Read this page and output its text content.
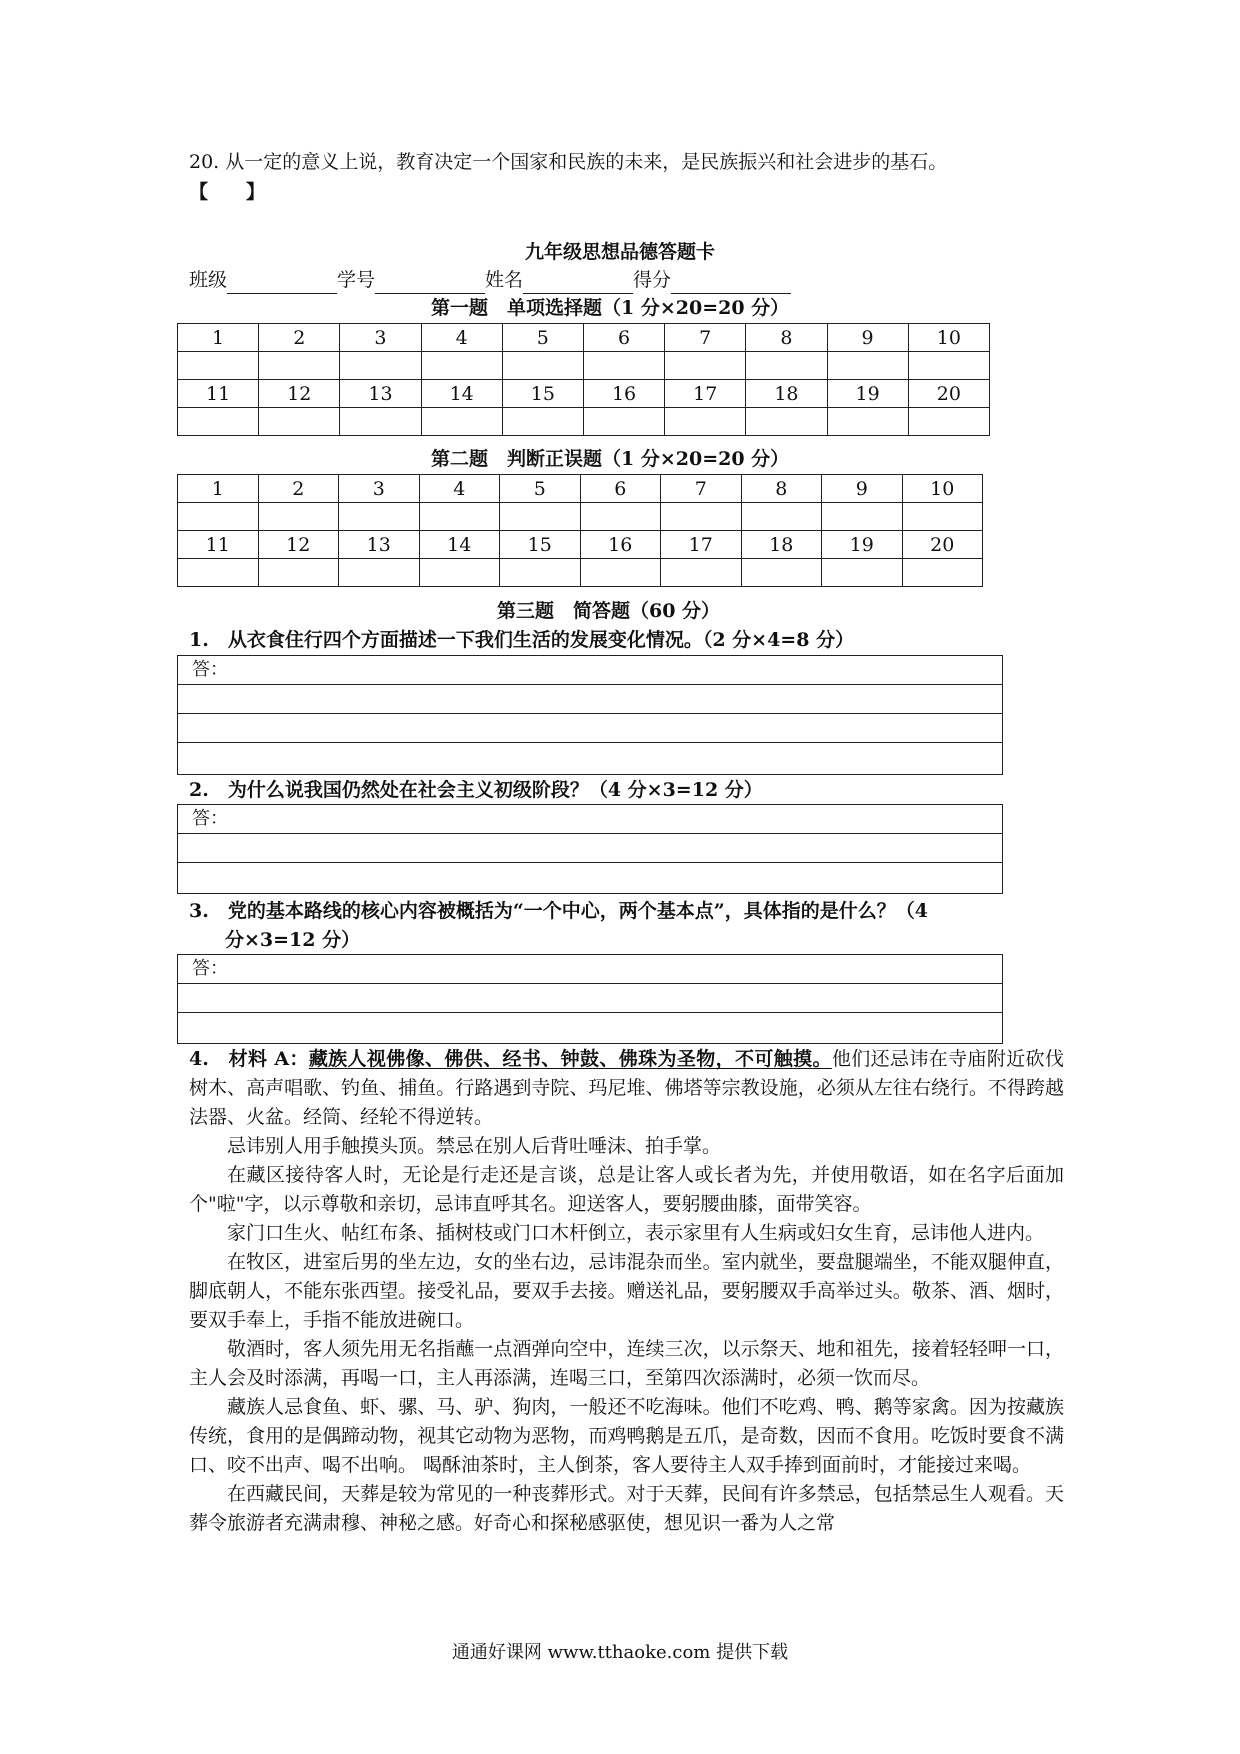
20. 从一定的意义上说，教育决定一个国家和民族的未来，是民族振兴和社会进步的基石。
【　　】
九年级思想品德答题卡
班级	学号	姓名	得分
第一题　单项选择题（1 分×20=20 分）
1	2	3	4	5	6	7	8	9	10

11	12	13	14	15	16	17	18	19	20

第二题　判断正误题（1 分×20=20 分）
1	2	3	4	5	6	7	8	9	10

11	12	13	14	15	16	17	18	19	20

第三题　简答题（60 分）
1.　从衣食住行四个方面描述一下我们生活的发展变化情况。（2 分×4=8 分）
答：
2.　为什么说我国仍然处在社会主义初级阶段？（4 分×3=12 分）
答：
3.　党的基本路线的核心内容被概括为“一个中心，两个基本点”，具体指的是什么？（4
分×3=12 分）
答：

4.　材料 A：藏族人视佛像、佛供、经书、钟鼓、佛珠为圣物，不可触摸。他们还忌讳在寺庙附近砍伐树木、高声唱歌、钓鱼、捕鱼。行路遇到寺院、玛尼堆、佛塔等宗教设施，必须从左往右绕行。不得跨越法器、火盆。经筒、经轮不得逆转。

忌讳别人用手触摸头顶。禁忌在别人后背吐唾沫、拍手掌。

在藏区接待客人时，无论是行走还是言谈，总是让客人或长者为先，并使用敬语，如在名字后面加个"啦"字，以示尊敬和亲切，忌讳直呼其名。迎送客人，要躬腰曲膝，面带笑容。

家门口生火、帖红布条、插树枝或门口木杆倒立，表示家里有人生病或妇女生育，忌讳他人进内。

在牧区，进室后男的坐左边，女的坐右边，忌讳混杂而坐。室内就坐，要盘腿端坐，不能双腿伸直，脚底朝人，不能东张西望。接受礼品，要双手去接。赠送礼品，要躬腰双手高举过头。敬茶、酒、烟时，要双手奉上，手指不能放进碗口。

敬酒时，客人须先用无名指蘸一点酒弹向空中，连续三次，以示祭天、地和祖先，接着轻轻呷一口，主人会及时添满，再喝一口，主人再添满，连喝三口，至第四次添满时，必须一饮而尽。

藏族人忌食鱼、虾、骡、马、驴、狗肉，一般还不吃海味。他们不吃鸡、鸭、鹅等家禽。因为按藏族传统，食用的是偶蹄动物，视其它动物为恶物，而鸡鸭鹅是五爪，是奇数，因而不食用。吃饭时要食不满口、咬不出声、喝不出响。 喝酥油茶时，主人倒茶，客人要待主人双手捧到面前时，才能接过来喝。

在西藏民间，天葬是较为常见的一种丧葬形式。对于天葬，民间有许多禁忌，包括禁忌生人观看。天葬令旅游者充满肃穆、神秘之感。好奇心和探秘感驱使，想见识一番为人之常

通通好课网 www.tthaoke.com 提供下载
